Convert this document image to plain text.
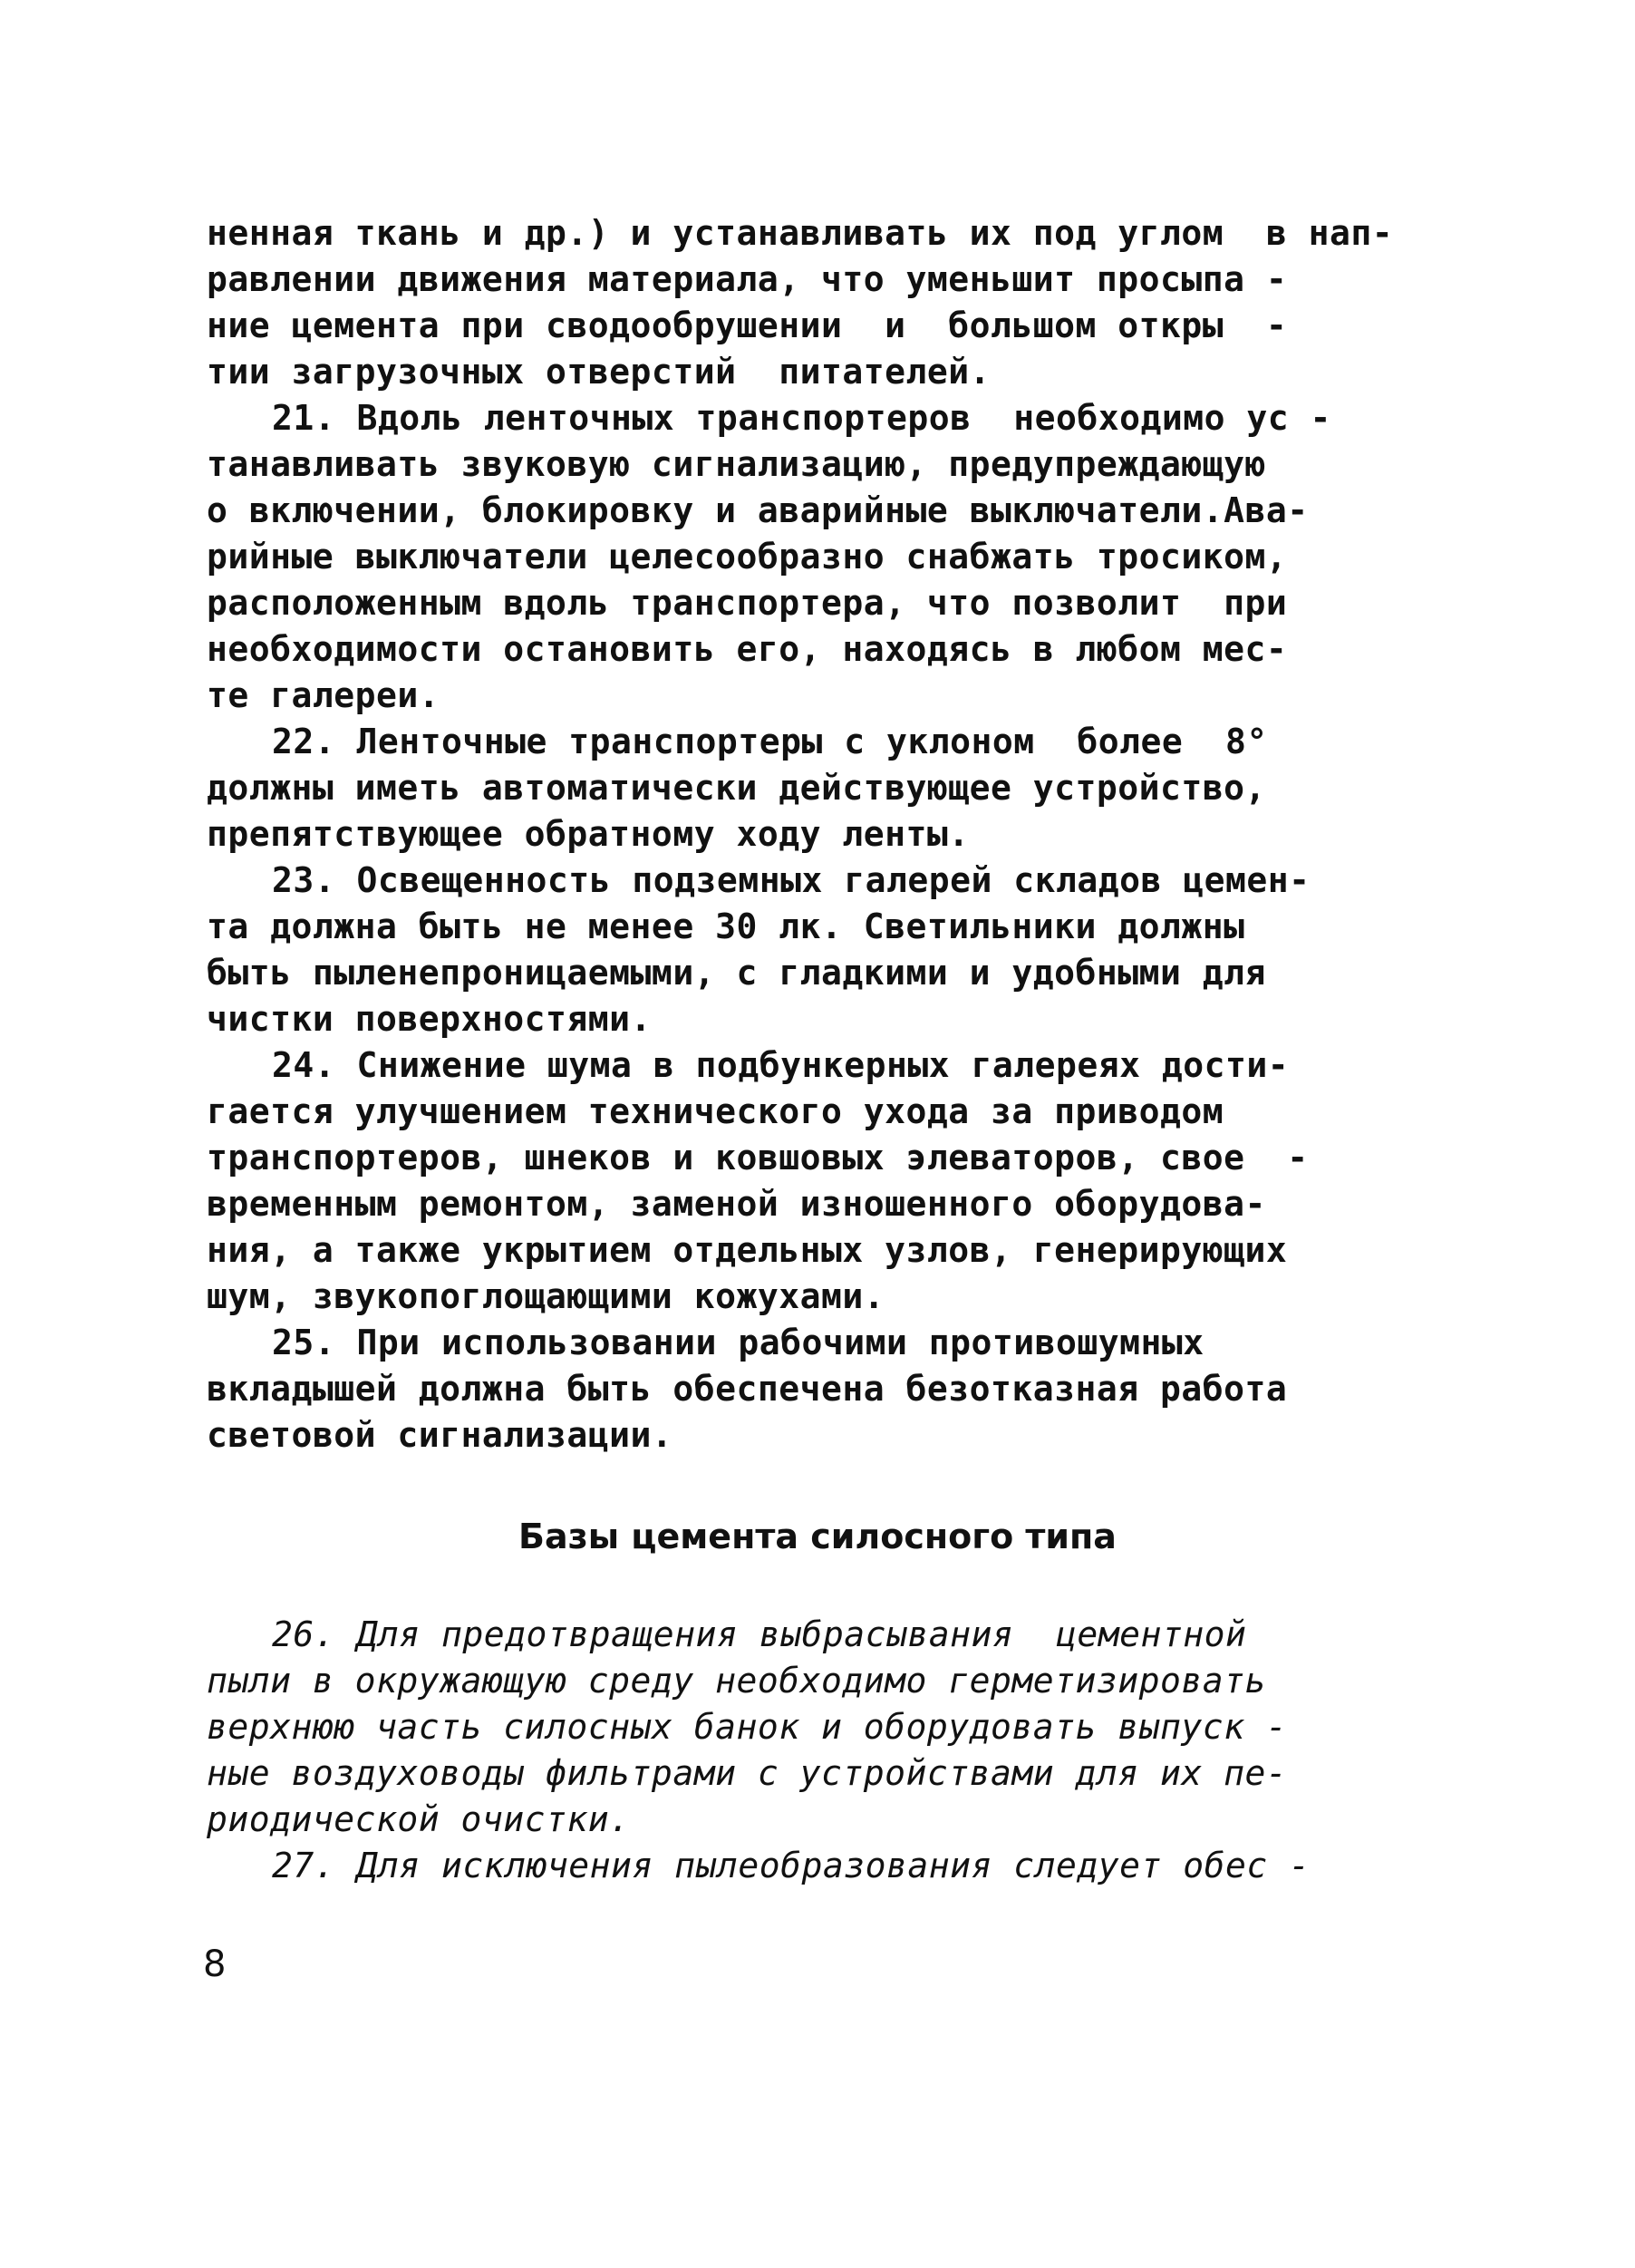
ненная ткань и др.) и устанавливать их под углом  в нап-
равлении движения материала, что уменьшит просыпа -
ние цемента при сводообрушении  и  большом откры  -
тии загрузочных отверстий  питателей.
21. Вдоль ленточных транспортеров  необходимо ус -
танавливать звуковую сигнализацию, предупреждающую
о включении, блокировку и аварийные выключатели.Ава-
рийные выключатели целесообразно снабжать тросиком,
расположенным вдоль транспортера, что позволит  при
необходимости остановить его, находясь в любом мес-
те галереи.
22. Ленточные транспортеры с уклоном  более  8°
должны иметь автоматически действующее устройство,
препятствующее обратному ходу ленты.
23. Освещенность подземных галерей складов цемен-
та должна быть не менее 30 лк. Светильники должны
быть пыленепроницаемыми, с гладкими и удобными для
чистки поверхностями.
24. Снижение шума в подбункерных галереях дости-
гается улучшением технического ухода за приводом
транспортеров, шнеков и ковшовых элеваторов, свое  -
временным ремонтом, заменой изношенного оборудова-
ния, а также укрытием отдельных узлов, генерирующих
шум, звукопоглощающими кожухами.
25. При использовании рабочими противошумных
вкладышей должна быть обеспечена безотказная работа
световой сигнализации.
Базы цемента силосного типа
26. Для предотвращения выбрасывания  цементной
пыли в окружающую среду необходимо герметизировать
верхнюю часть силосных банок и оборудовать выпуск -
ные воздуховоды фильтрами с устройствами для их пе-
риодической очистки.
27. Для исключения пылеобразования следует обес -
8
